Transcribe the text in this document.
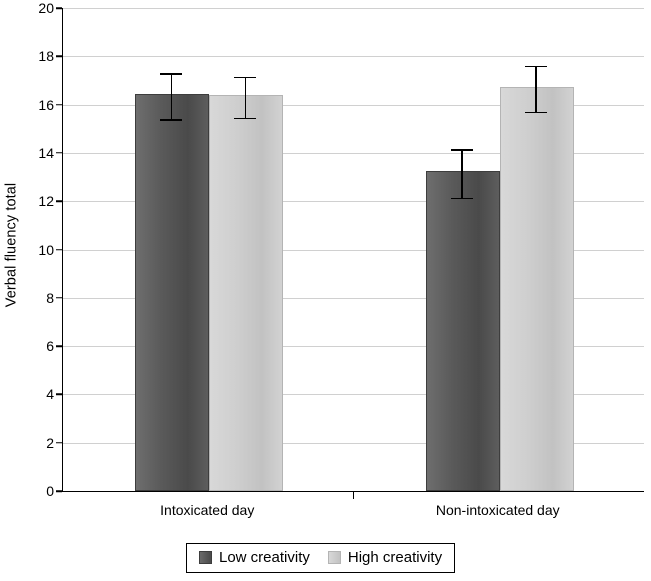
Verbal fluency total
0
2
4
6
8
10
12
14
16
18
20
Intoxicated day	Non-intoxicated day
Low creativity	High creativity
